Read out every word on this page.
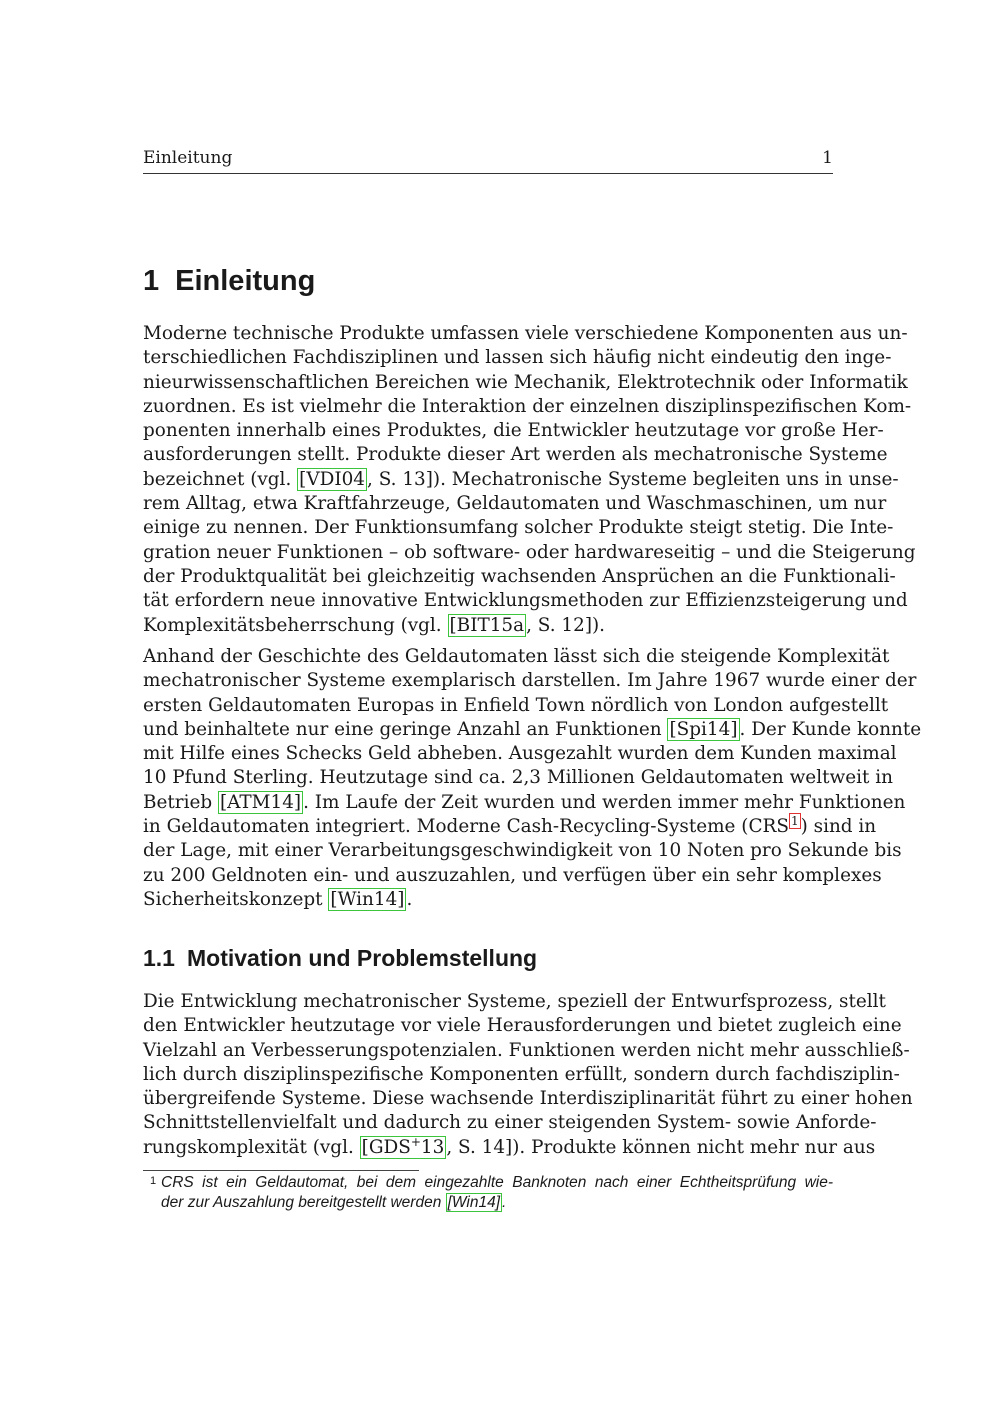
Einleitung	1
1 Einleitung
Moderne technische Produkte umfassen viele verschiedene Komponenten aus un-
terschiedlichen Fachdisziplinen und lassen sich häufig nicht eindeutig den inge-
nieurwissenschaftlichen Bereichen wie Mechanik, Elektrotechnik oder Informatik
zuordnen. Es ist vielmehr die Interaktion der einzelnen disziplinspezifischen Kom-
ponenten innerhalb eines Produktes, die Entwickler heutzutage vor große Her-
ausforderungen stellt. Produkte dieser Art werden als mechatronische Systeme
bezeichnet (vgl. [VDI04 , S. 13]). Mechatronische Systeme begleiten uns in unse-
rem Alltag, etwa Kraftfahrzeuge, Geldautomaten und Waschmaschinen, um nur
einige zu nennen. Der Funktionsumfang solcher Produkte steigt stetig. Die Inte-
gration neuer Funktionen – ob software- oder hardwareseitig – und die Steigerung
der Produktqualität bei gleichzeitig wachsenden Ansprüchen an die Funktionali-
tät erfordern neue innovative Entwicklungsmethoden zur Effizienzsteigerung und
Komplexitätsbeherrschung (vgl. [BIT15a , S. 12]).
Anhand der Geschichte des Geldautomaten lässt sich die steigende Komplexität
mechatronischer Systeme exemplarisch darstellen. Im Jahre 1967 wurde einer der
ersten Geldautomaten Europas in Enfield Town nördlich von London aufgestellt
und beinhaltete nur eine geringe Anzahl an Funktionen [Spi14] . Der Kunde konnte
mit Hilfe eines Schecks Geld abheben. Ausgezahlt wurden dem Kunden maximal
10 Pfund Sterling. Heutzutage sind ca. 2,3 Millionen Geldautomaten weltweit in
Betrieb [ATM14] . Im Laufe der Zeit wurden und werden immer mehr Funktionen
in Geldautomaten integriert. Moderne Cash-Recycling-Systeme (CRS $^1$ ) sind in
der Lage, mit einer Verarbeitungsgeschwindigkeit von 10 Noten pro Sekunde bis
zu 200 Geldnoten ein- und auszuzahlen, und verfügen über ein sehr komplexes
Sicherheitskonzept [Win14] .
1.1 Motivation und Problemstellung
Die Entwicklung mechatronischer Systeme, speziell der Entwurfsprozess, stellt
den Entwickler heutzutage vor viele Herausforderungen und bietet zugleich eine
Vielzahl an Verbesserungspotenzialen. Funktionen werden nicht mehr ausschließ-
lich durch disziplinspezifische Komponenten erfüllt, sondern durch fachdisziplin-
übergreifende Systeme. Diese wachsende Interdisziplinarität führt zu einer hohen
Schnittstellenvielfalt und dadurch zu einer steigenden System- sowie Anforde-
rungskomplexität (vgl. [GDS+13 , S. 14]). Produkte können nicht mehr nur aus
1 CRS ist ein Geldautomat, bei dem eingezahlte Banknoten nach einer Echtheitsprüfung wie-
der zur Auszahlung bereitgestellt werden [Win14] .
